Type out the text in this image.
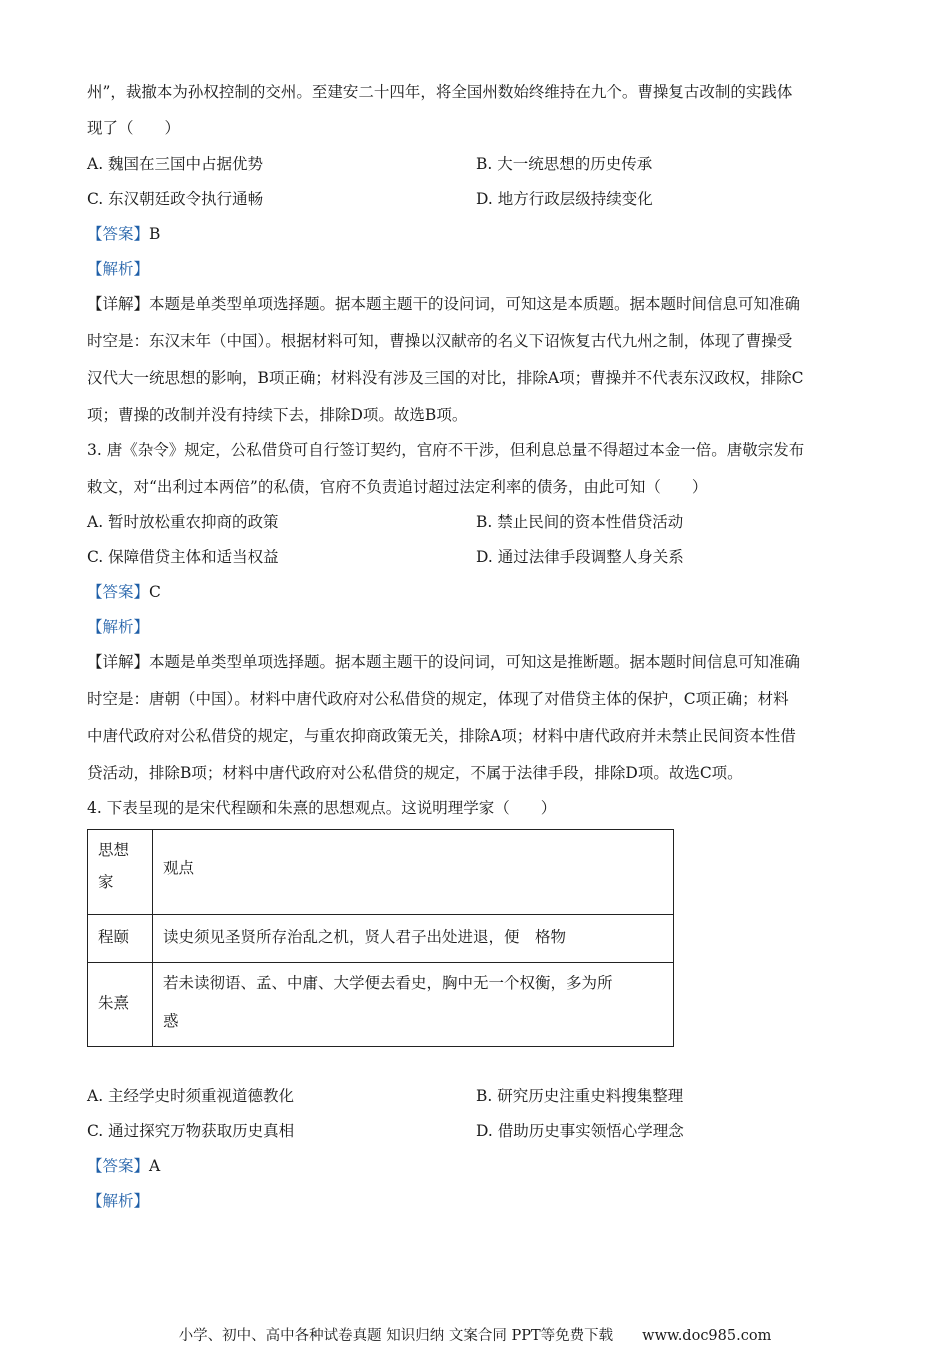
州”，裁撤本为孙权控制的交州。至建安二十四年，将全国州数始终维持在九个。曹操复古改制的实践体
现了（　　）
A. 魏国在三国中占据优势	B. 大一统思想的历史传承
C. 东汉朝廷政令执行通畅	D. 地方行政层级持续变化
【答案】B
【解析】
【详解】本题是单类型单项选择题。据本题主题干的设问词，可知这是本质题。据本题时间信息可知准确
时空是：东汉末年（中国）。根据材料可知，曹操以汉献帝的名义下诏恢复古代九州之制，体现了曹操受
汉代大一统思想的影响，B项正确；材料没有涉及三国的对比，排除A项；曹操并不代表东汉政权，排除C
项；曹操的改制并没有持续下去，排除D项。故选B项。
3. 唐《杂令》规定，公私借贷可自行签订契约，官府不干涉，但利息总量不得超过本金一倍。唐敬宗发布
敕文，对“出利过本两倍”的私债，官府不负责追讨超过法定利率的债务，由此可知（　　）
A. 暂时放松重农抑商的政策	B. 禁止民间的资本性借贷活动
C. 保障借贷主体和适当权益	D. 通过法律手段调整人身关系
【答案】C
【解析】
【详解】本题是单类型单项选择题。据本题主题干的设问词，可知这是推断题。据本题时间信息可知准确
时空是：唐朝（中国）。材料中唐代政府对公私借贷的规定，体现了对借贷主体的保护，C项正确；材料
中唐代政府对公私借贷的规定，与重农抑商政策无关，排除A项；材料中唐代政府并未禁止民间资本性借
贷活动，排除B项；材料中唐代政府对公私借贷的规定，不属于法律手段，排除D项。故选C项。
4. 下表呈现的是宋代程颐和朱熹的思想观点。这说明理学家（　　）
思想
家	观点

程颐	读史须见圣贤所存治乱之机，贤人君子出处进退，便　格物

朱熹	若未读彻语、孟、中庸、大学便去看史，胸中无一个权衡，多为所
惑
A. 主经学史时须重视道德教化	B. 研究历史注重史料搜集整理
C. 通过探究万物获取历史真相	D. 借助历史事实领悟心学理念
【答案】A
【解析】
小学、初中、高中各种试卷真题 知识归纳 文案合同 PPT等免费下载　　www.doc985.com
